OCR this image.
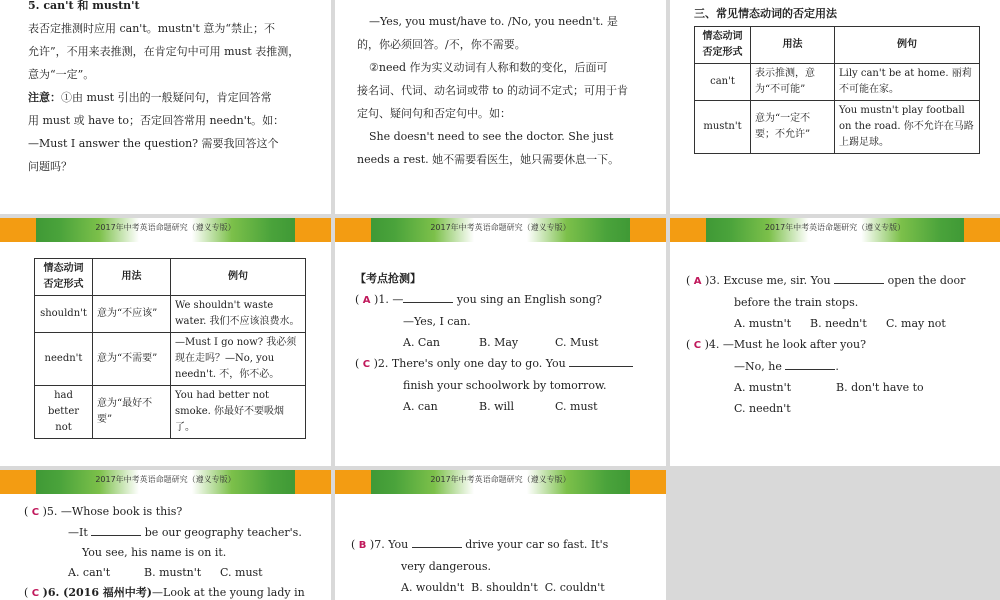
5. can't 和 mustn't

表否定推测时应用 can't。mustn't 意为“禁止；不

允许”，不用来表推测，在肯定句中可用 must 表推测，

意为“一定”。

注意：①由 must 引出的一般疑问句，肯定回答常

用 must 或 have to；否定回答常用 needn't。如：

—Must I answer the question? 需要我回答这个

问题吗？

—Yes, you must/have to. /No, you needn't. 是

的，你必须回答。/不，你不需要。

②need 作为实义动词有人称和数的变化，后面可

接名词、代词、动名词或带 to 的动词不定式；可用于肯

定句、疑问句和否定句中。如：

She doesn't need to see the doctor. She just

needs a rest. 她不需要看医生，她只需要休息一下。

三、常见情态动词的否定用法
情态动词否定形式	用法	例句
can't	表示推测，意为“不可能”	Lily can't be at home. 丽莉不可能在家。
mustn't	意为“一定不要；不允许”	You mustn't play football on the road. 你不允许在马路上踢足球。
2017年中考英语命题研究（遵义专版）
情态动词否定形式	用法	例句
shouldn't	意为“不应该”	We shouldn't waste water. 我们不应该浪费水。
needn't	意为“不需要”	—Must I go now? 我必须现在走吗？—No, you needn't. 不，你不必。
had better not	意为“最好不要”	You had better not smoke. 你最好不要吸烟了。
2017年中考英语命题研究（遵义专版）

【考点抢测】

( A )1. —	you sing an English song?

—Yes, I can.

A. Can	B. May	C. Must

( C )2. There's only one day to go. You

finish your schoolwork by tomorrow.

A. can	B. will	C. must

2017年中考英语命题研究（遵义专版）

( A )3. Excuse me, sir. You	open the door

before the train stops.

A. mustn't B. needn't C. may not

( C )4. —Must he look after you?

—No, he	.

A. mustn't	B. don't have to

C. needn't

2017年中考英语命题研究（遵义专版）

( C )5. —Whose book is this?

—It	be our geography teacher's.

You see, his name is on it.

A. can't	B. mustn't C. must

( C )6. (2016 福州中考)—Look at the young lady in

2017年中考英语命题研究（遵义专版）

( B )7. You	drive your car so fast. It's

very dangerous.

A. wouldn't  B. shouldn't  C. couldn't
